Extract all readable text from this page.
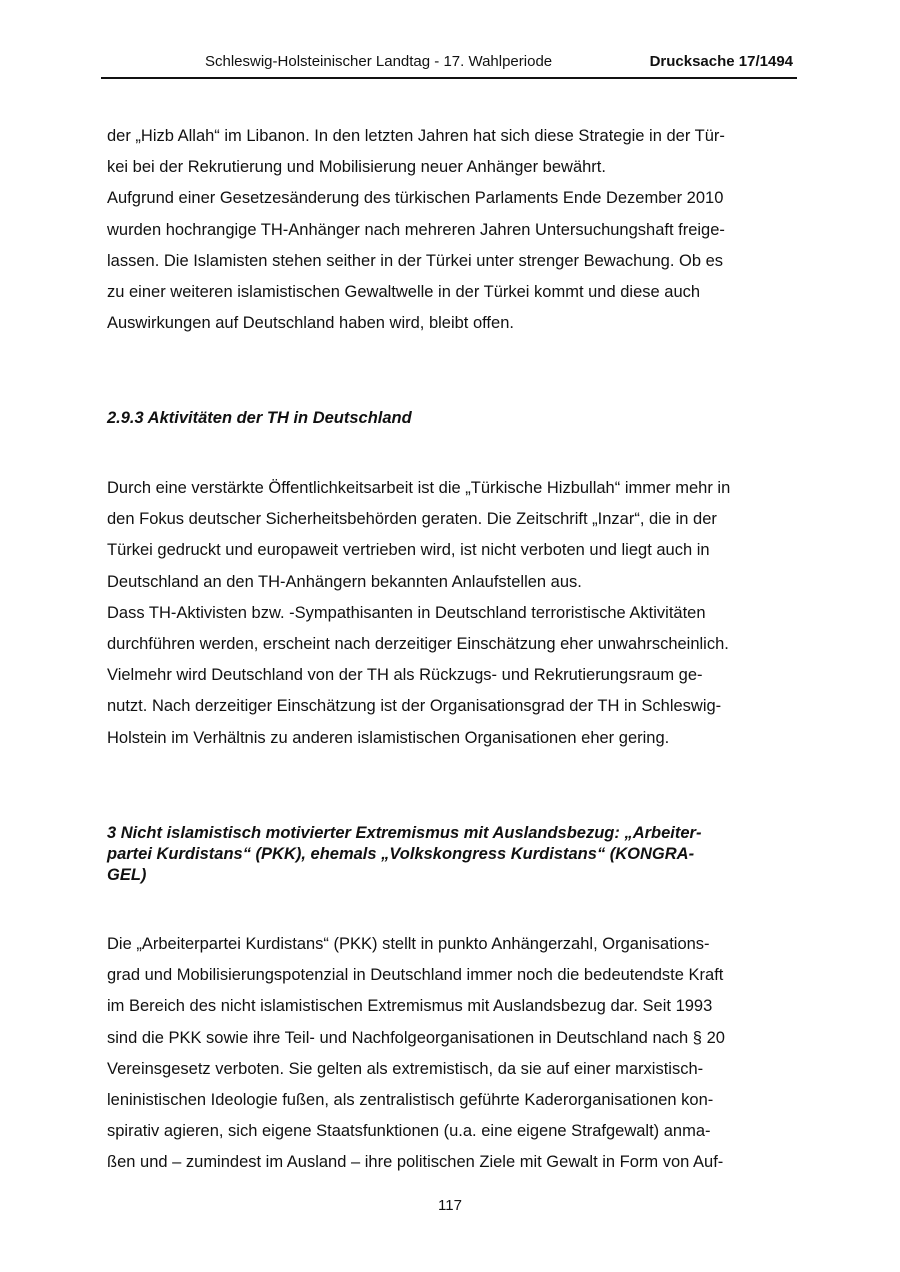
Schleswig-Holsteinischer Landtag - 17. Wahlperiode	Drucksache 17/1494

der „Hizb Allah“ im Libanon. In den letzten Jahren hat sich diese Strategie in der Tür-

kei bei der Rekrutierung und Mobilisierung neuer Anhänger bewährt.

Aufgrund einer Gesetzesänderung des türkischen Parlaments Ende Dezember 2010

wurden hochrangige TH-Anhänger nach mehreren Jahren Untersuchungshaft freige-

lassen. Die Islamisten stehen seither in der Türkei unter strenger Bewachung. Ob es

zu einer weiteren islamistischen Gewaltwelle in der Türkei kommt und diese auch

Auswirkungen auf Deutschland haben wird, bleibt offen.

2.9.3 Aktivitäten der TH in Deutschland

Durch eine verstärkte Öffentlichkeitsarbeit ist die „Türkische Hizbullah“ immer mehr in

den Fokus deutscher Sicherheitsbehörden geraten. Die Zeitschrift „Inzar“, die in der

Türkei gedruckt und europaweit vertrieben wird, ist nicht verboten und liegt auch in

Deutschland an den TH-Anhängern bekannten Anlaufstellen aus.

Dass TH-Aktivisten bzw. -Sympathisanten in Deutschland terroristische Aktivitäten

durchführen werden, erscheint nach derzeitiger Einschätzung eher unwahrscheinlich.

Vielmehr wird Deutschland von der TH als Rückzugs- und Rekrutierungsraum ge-

nutzt. Nach derzeitiger Einschätzung ist der Organisationsgrad der TH in Schleswig-

Holstein im Verhältnis zu anderen islamistischen Organisationen eher gering.

3 Nicht islamistisch motivierter Extremismus mit Auslandsbezug: „Arbeiter-

partei Kurdistans“ (PKK), ehemals „Volkskongress Kurdistans“ (KONGRA-

GEL)

Die „Arbeiterpartei Kurdistans“ (PKK) stellt in punkto Anhängerzahl, Organisations-

grad und Mobilisierungspotenzial in Deutschland immer noch die bedeutendste Kraft

im Bereich des nicht islamistischen Extremismus mit Auslandsbezug dar. Seit 1993

sind die PKK sowie ihre Teil- und Nachfolgeorganisationen in Deutschland nach § 20

Vereinsgesetz verboten. Sie gelten als extremistisch, da sie auf einer marxistisch-

leninistischen Ideologie fußen, als zentralistisch geführte Kaderorganisationen kon-

spirativ agieren, sich eigene Staatsfunktionen (u.a. eine eigene Strafgewalt) anma-

ßen und – zumindest im Ausland – ihre politischen Ziele mit Gewalt in Form von Auf-

117
